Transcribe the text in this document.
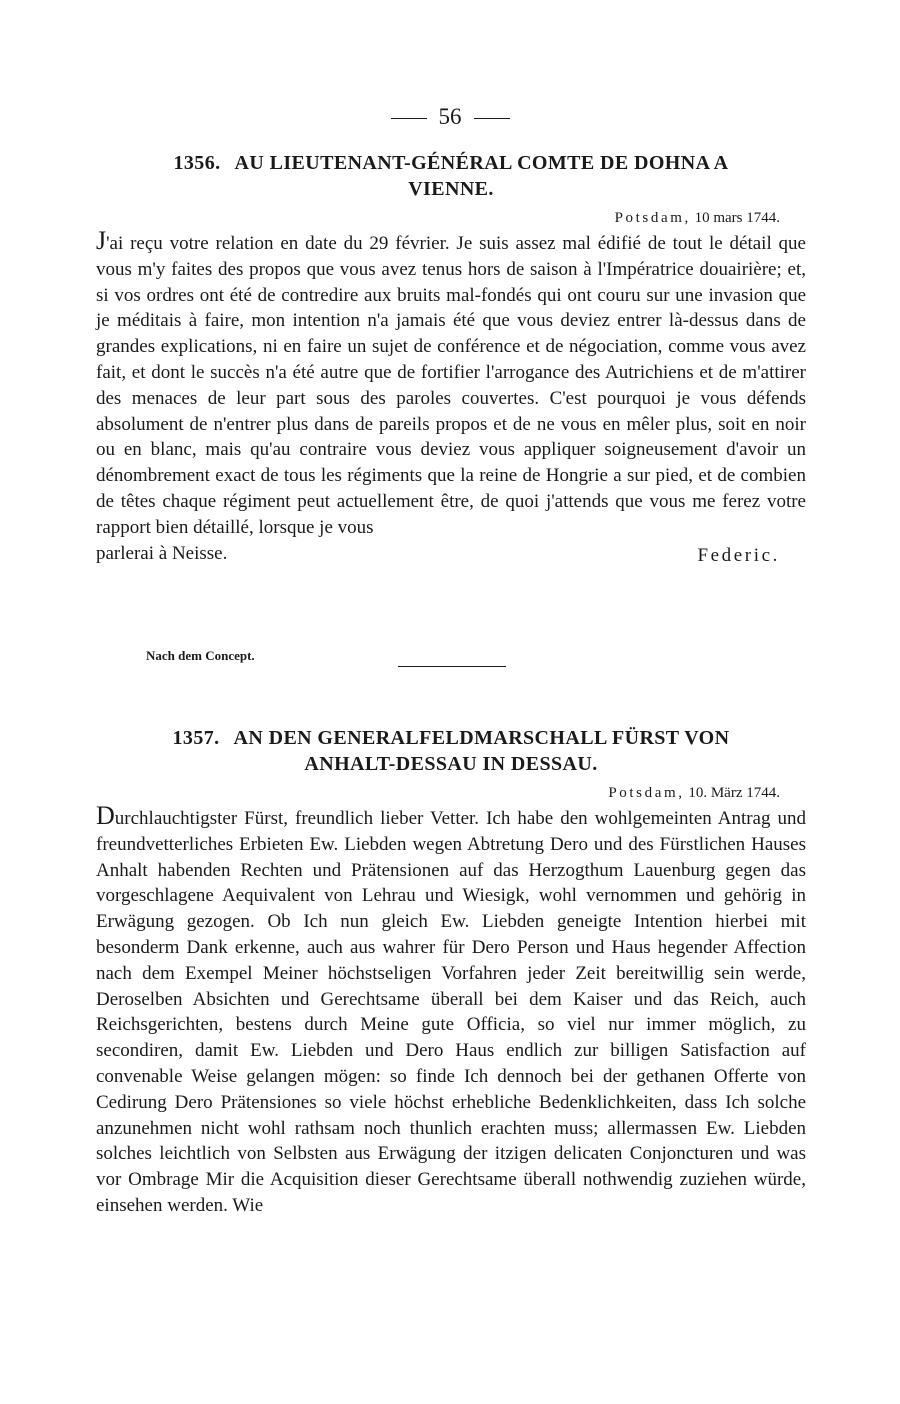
56
1356. AU LIEUTENANT-GÉNÉRAL COMTE DE DOHNA A
VIENNE.
Potsdam, 10 mars 1744.

J'ai reçu votre relation en date du 29 février. Je suis assez mal édifié de tout le détail que vous m'y faites des propos que vous avez tenus hors de saison à l'Impératrice douairière; et, si vos ordres ont été de contredire aux bruits mal-fondés qui ont couru sur une invasion que je méditais à faire, mon intention n'a jamais été que vous deviez entrer là-dessus dans de grandes explications, ni en faire un sujet de conférence et de négociation, comme vous avez fait, et dont le succès n'a été autre que de fortifier l'arrogance des Autrichiens et de m'attirer des menaces de leur part sous des paroles couvertes. C'est pourquoi je vous défends absolument de n'entrer plus dans de pareils propos et de ne vous en mêler plus, soit en noir ou en blanc, mais qu'au contraire vous deviez vous appliquer soigneusement d'avoir un dénombrement exact de tous les régiments que la reine de Hongrie a sur pied, et de combien de têtes chaque régiment peut actuellement être, de quoi j'attends que vous me ferez votre rapport bien détaillé, lorsque je vous

parlerai à Neisse.	Federic.
Nach dem Concept.
1357. AN DEN GENERALFELDMARSCHALL FÜRST VON
ANHALT-DESSAU IN DESSAU.
Potsdam, 10. März 1744.

Durchlauchtigster Fürst, freundlich lieber Vetter. Ich habe den wohlgemeinten Antrag und freundvetterliches Erbieten Ew. Liebden wegen Abtretung Dero und des Fürstlichen Hauses Anhalt habenden Rechten und Prätensionen auf das Herzogthum Lauenburg gegen das vorgeschlagene Aequivalent von Lehrau und Wiesigk, wohl vernommen und gehörig in Erwägung gezogen. Ob Ich nun gleich Ew. Liebden geneigte Intention hierbei mit besonderm Dank erkenne, auch aus wahrer für Dero Person und Haus hegender Affection nach dem Exempel Meiner höchstseligen Vorfahren jeder Zeit bereitwillig sein werde, Deroselben Absichten und Gerechtsame überall bei dem Kaiser und das Reich, auch Reichsgerichten, bestens durch Meine gute Officia, so viel nur immer möglich, zu secondiren, damit Ew. Liebden und Dero Haus endlich zur billigen Satisfaction auf convenable Weise gelangen mögen: so finde Ich dennoch bei der gethanen Offerte von Cedirung Dero Prätensiones so viele höchst erhebliche Bedenklichkeiten, dass Ich solche anzunehmen nicht wohl rathsam noch thunlich erachten muss; allermassen Ew. Liebden solches leichtlich von Selbsten aus Erwägung der itzigen delicaten Conjoncturen und was vor Ombrage Mir die Acquisition dieser Gerechtsame überall nothwendig zuziehen würde, einsehen werden. Wie
